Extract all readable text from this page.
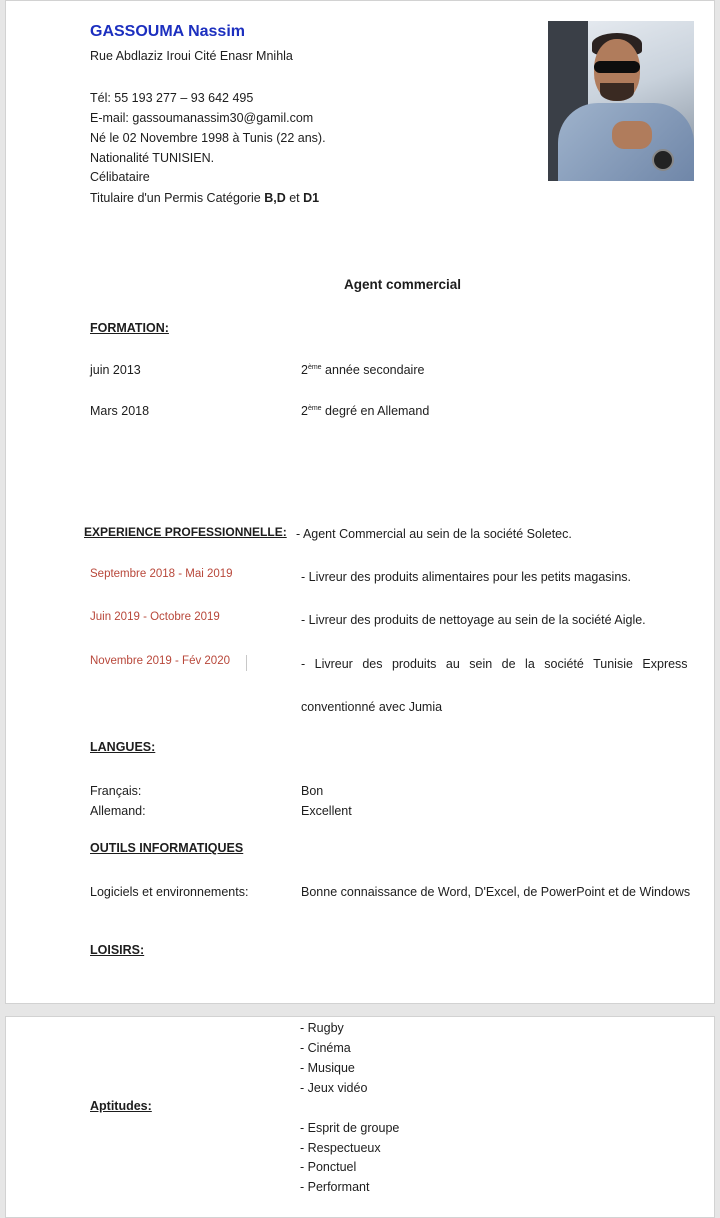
GASSOUMA Nassim
Rue Abdlaziz Iroui Cité Enasr Mnihla
Tél: 55 193 277 – 93 642 495
E-mail: gassoumanassim30@gamil.com
Né le 02 Novembre 1998 à Tunis (22 ans).
Nationalité TUNISIEN.
Célibataire
Titulaire d'un Permis Catégorie B,D et D1
Agent commercial
FORMATION:
juin 2013	2ème année secondaire
Mars 2018	2ème degré en Allemand
EXPERIENCE PROFESSIONNELLE: - Agent Commercial au sein de la société Soletec.
Septembre 2018 - Mai 2019	- Livreur des produits alimentaires pour les petits magasins.
Juin 2019 - Octobre 2019	- Livreur des produits de nettoyage au sein de la société Aigle.
Novembre 2019 - Fév 2020	- Livreur des produits au sein de la société Tunisie Express
conventionné avec Jumia
LANGUES:
Français:	Bon
Allemand:	Excellent
OUTILS INFORMATIQUES
Logiciels et environnements:	Bonne connaissance de Word, D'Excel, de PowerPoint et de Windows
LOISIRS:
- Rugby
- Cinéma
- Musique
- Jeux vidéo
Aptitudes:
- Esprit de groupe
- Respectueux
- Ponctuel
- Performant
